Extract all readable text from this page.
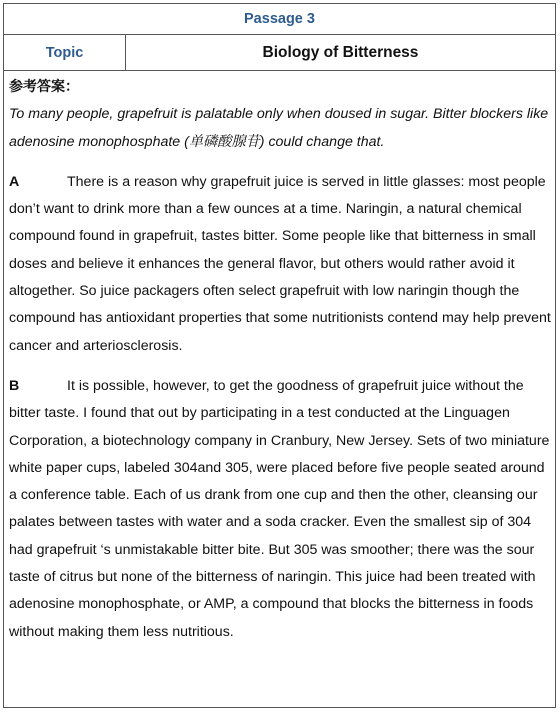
Passage 3
Topic	Biology of Bitterness
参考答案：

To many people, grapefruit is palatable only when doused in sugar. Bitter blockers like adenosine monophosphate (单磷酸腺苷) could change that.

A	There is a reason why grapefruit juice is served in little glasses: most people don’t want to drink more than a few ounces at a time. Naringin, a natural chemical compound found in grapefruit, tastes bitter. Some people like that bitterness in small doses and believe it enhances the general flavor, but others would rather avoid it altogether. So juice packagers often select grapefruit with low naringin though the compound has antioxidant properties that some nutritionists contend may help prevent cancer and arteriosclerosis.

B	It is possible, however, to get the goodness of grapefruit juice without the bitter taste. I found that out by participating in a test conducted at the Linguagen Corporation, a biotechnology company in Cranbury, New Jersey. Sets of two miniature white paper cups, labeled 304and 305, were placed before five people seated around a conference table. Each of us drank from one cup and then the other, cleansing our palates between tastes with water and a soda cracker. Even the smallest sip of 304 had grapefruit ‘s unmistakable bitter bite. But 305 was smoother; there was the sour taste of citrus but none of the bitterness of naringin. This juice had been treated with adenosine monophosphate, or AMP, a compound that blocks the bitterness in foods without making them less nutritious.
